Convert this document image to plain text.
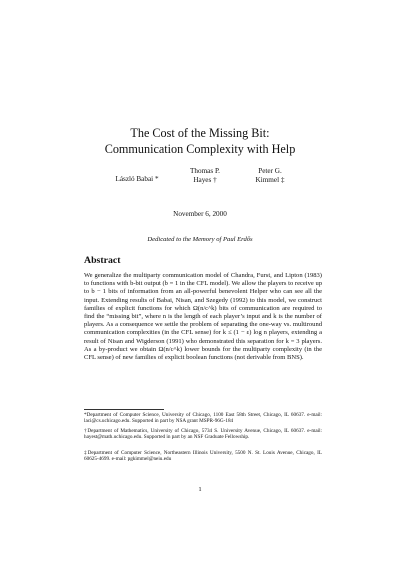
The Cost of the Missing Bit:
Communication Complexity with Help
László Babai *
Thomas P.
Hayes †
Peter G.
Kimmel ‡
November 6, 2000
Dedicated to the Memory of Paul Erdős
Abstract

We generalize the multiparty communication model of Chandra, Furst, and Lipton (1983) to functions with b-bit output (b = 1 in the CFL model). We allow the players to receive up to b − 1 bits of information from an all-powerful benevolent Helper who can see all the input. Extending results of Babai, Nisan, and Szegedy (1992) to this model, we construct families of explicit functions for which Ω(n/c^k) bits of communication are required to find the “missing bit”, where n is the length of each player’s input and k is the number of players. As a consequence we settle the problem of separating the one-way vs. multiround communication complexities (in the CFL sense) for k ≤ (1 − ε) log n players, extending a result of Nisan and Wigderson (1991) who demonstrated this separation for k = 3 players. As a by-product we obtain Ω(n/c^k) lower bounds for the multiparty complexity (in the CFL sense) of new families of explicit boolean functions (not derivable from BNS).

*Department of Computer Science, University of Chicago, 1100 East 58th Street, Chicago, IL 60637. e-mail: laci@cs.uchicago.edu. Supported in part by NSA grant MSPR-96G-184

†Department of Mathematics, University of Chicago, 5734 S. University Avenue, Chicago, IL 60637. e-mail: hayest@math.uchicago.edu. Supported in part by an NSF Graduate Fellowship.

‡Department of Computer Science, Northeastern Illinois University, 5500 N. St. Louis Avenue, Chicago, IL 60625-4699. e-mail: pgkimmel@neiu.edu

1
